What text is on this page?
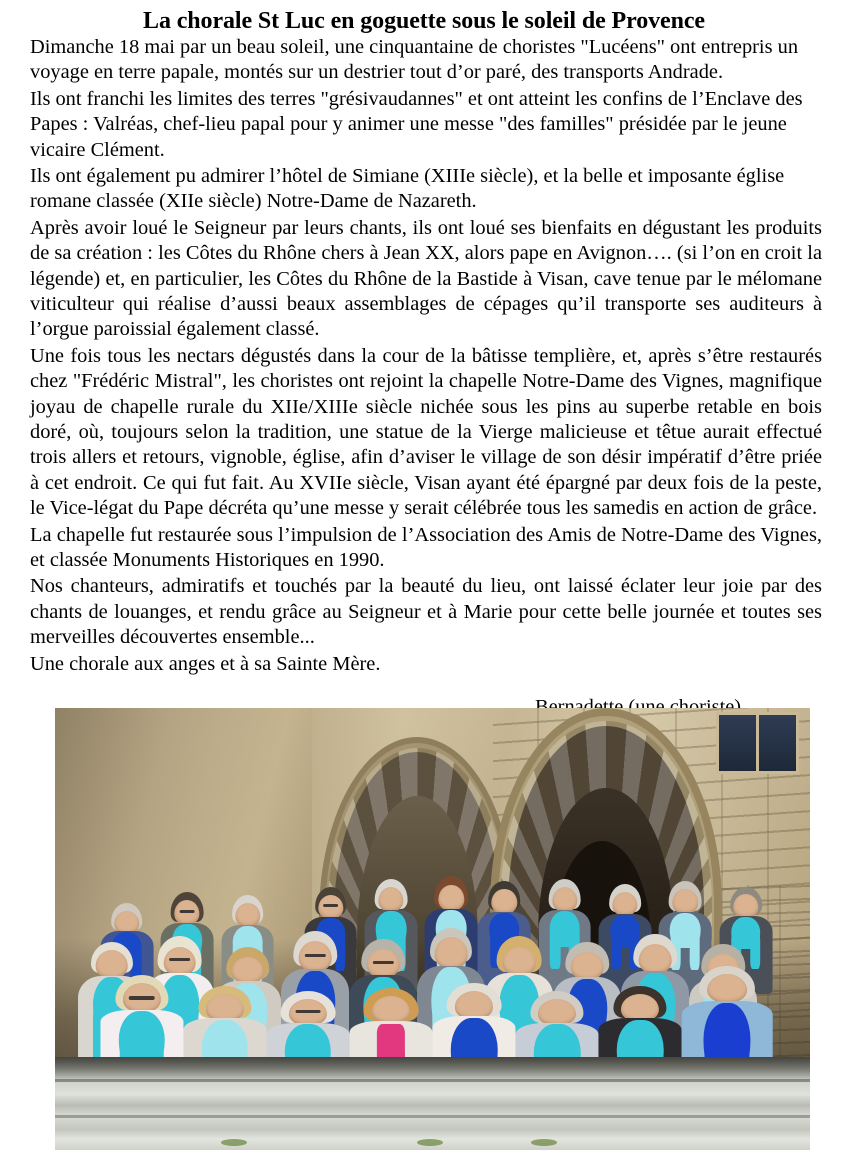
La chorale St Luc en goguette sous le soleil de Provence

Dimanche 18 mai par un beau soleil, une cinquantaine de choristes "Lucéens" ont entrepris un voyage en terre papale, montés sur un destrier tout d’or paré, des transports Andrade.

Ils ont franchi les limites des terres "grésivaudannes" et ont atteint les confins de l’Enclave des Papes : Valréas, chef-lieu papal pour y animer une messe "des familles" présidée par le jeune vicaire Clément.

Ils ont également pu admirer l’hôtel de Simiane (XIIIe siècle), et la belle et imposante église romane classée (XIIe siècle) Notre-Dame de Nazareth.

Après avoir loué le Seigneur par leurs chants, ils ont loué ses bienfaits en dégustant les produits de sa création : les Côtes du Rhône chers à Jean XX, alors pape en Avignon…. (si l’on en croit la légende) et, en particulier, les Côtes du Rhône de la Bastide à Visan, cave tenue par le mélomane viticulteur qui réalise d’aussi beaux assemblages de cépages qu’il transporte ses auditeurs à l’orgue paroissial également classé.

Une fois tous les nectars dégustés dans la cour de la bâtisse templière, et, après s’être restaurés chez "Frédéric Mistral", les choristes ont rejoint la chapelle Notre-Dame des Vignes, magnifique joyau de chapelle rurale du XIIe/XIIIe siècle nichée sous les pins au superbe retable en bois doré, où, toujours selon la tradition, une statue de la Vierge malicieuse et têtue aurait effectué trois allers et retours, vignoble, église, afin d’aviser le village de son désir impératif d’être priée à cet endroit. Ce qui fut fait. Au XVIIe siècle, Visan ayant été épargné par deux fois de la peste, le Vice-légat du Pape décréta qu’une messe y serait célébrée tous les samedis en action de grâce.

La chapelle fut restaurée sous l’impulsion de l’Association des Amis de Notre-Dame des Vignes, et classée Monuments Historiques en 1990.

Nos chanteurs, admiratifs et touchés par la beauté du lieu, ont laissé éclater leur joie par des chants de louanges, et rendu grâce au Seigneur et à Marie pour cette belle journée et toutes ses merveilles découvertes ensemble...

Une chorale aux anges et à sa Sainte Mère.
